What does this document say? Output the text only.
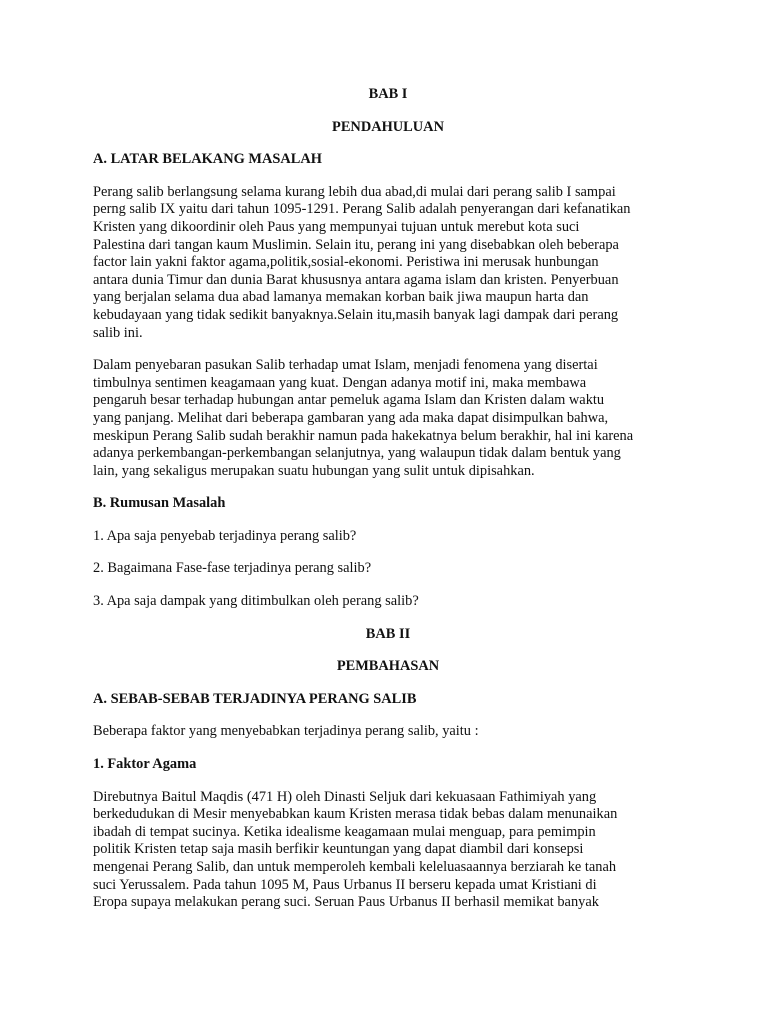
BAB I

PENDAHULUAN

A. LATAR BELAKANG MASALAH

Perang salib berlangsung selama kurang lebih dua abad,di mulai dari perang salib I sampai
perng salib IX yaitu dari tahun 1095-1291. Perang Salib adalah penyerangan dari kefanatikan
Kristen yang dikoordinir oleh Paus yang mempunyai tujuan untuk merebut kota suci
Palestina dari tangan kaum Muslimin. Selain itu, perang ini yang disebabkan oleh beberapa
factor lain yakni faktor agama,politik,sosial-ekonomi. Peristiwa ini merusak hunbungan
antara dunia Timur dan dunia Barat khususnya antara agama islam dan kristen. Penyerbuan
yang berjalan selama dua abad lamanya memakan korban baik jiwa maupun harta dan
kebudayaan yang tidak sedikit banyaknya.Selain itu,masih banyak lagi dampak dari perang
salib ini.

Dalam penyebaran pasukan Salib terhadap umat Islam, menjadi fenomena yang disertai
timbulnya sentimen keagamaan yang kuat. Dengan adanya motif ini, maka membawa
pengaruh besar terhadap hubungan antar pemeluk agama Islam dan Kristen dalam waktu
yang panjang. Melihat dari beberapa gambaran yang ada maka dapat disimpulkan bahwa,
meskipun Perang Salib sudah berakhir namun pada hakekatnya belum berakhir, hal ini karena
adanya perkembangan-perkembangan selanjutnya, yang walaupun tidak dalam bentuk yang
lain, yang sekaligus merupakan suatu hubungan yang sulit untuk dipisahkan.

B. Rumusan Masalah

1. Apa saja penyebab terjadinya perang salib?

2. Bagaimana Fase-fase terjadinya perang salib?

3. Apa saja dampak yang ditimbulkan oleh perang salib?

BAB II

PEMBAHASAN

A. SEBAB-SEBAB TERJADINYA PERANG SALIB

Beberapa faktor yang menyebabkan terjadinya perang salib, yaitu :

1. Faktor Agama

Direbutnya Baitul Maqdis (471 H) oleh Dinasti Seljuk dari kekuasaan Fathimiyah yang
berkedudukan di Mesir menyebabkan kaum Kristen merasa tidak bebas dalam menunaikan
ibadah di tempat sucinya. Ketika idealisme keagamaan mulai menguap, para pemimpin
politik Kristen tetap saja masih berfikir keuntungan yang dapat diambil dari konsepsi
mengenai Perang Salib, dan untuk memperoleh kembali keleluasaannya berziarah ke tanah
suci Yerussalem. Pada tahun 1095 M, Paus Urbanus II berseru kepada umat Kristiani di
Eropa supaya melakukan perang suci. Seruan Paus Urbanus II berhasil memikat banyak
